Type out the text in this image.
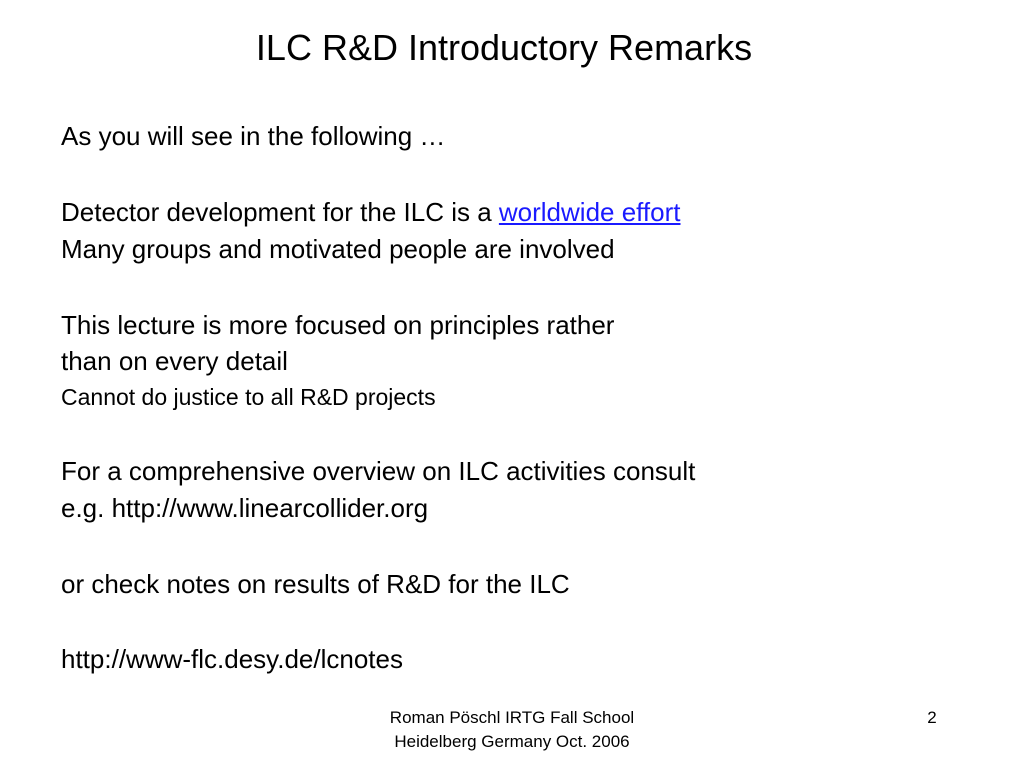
ILC R&D Introductory Remarks
As you will see in the following …
Detector development for the ILC is a worldwide effort
Many groups and motivated people are involved
This lecture is more focused on principles rather
than on every detail
Cannot do justice to all R&D projects
For a comprehensive overview on ILC activities consult
e.g. http://www.linearcollider.org
or check notes on results of R&D for the ILC
http://www-flc.desy.de/lcnotes
Roman Pöschl IRTG Fall School
Heidelberg Germany Oct. 2006
2
